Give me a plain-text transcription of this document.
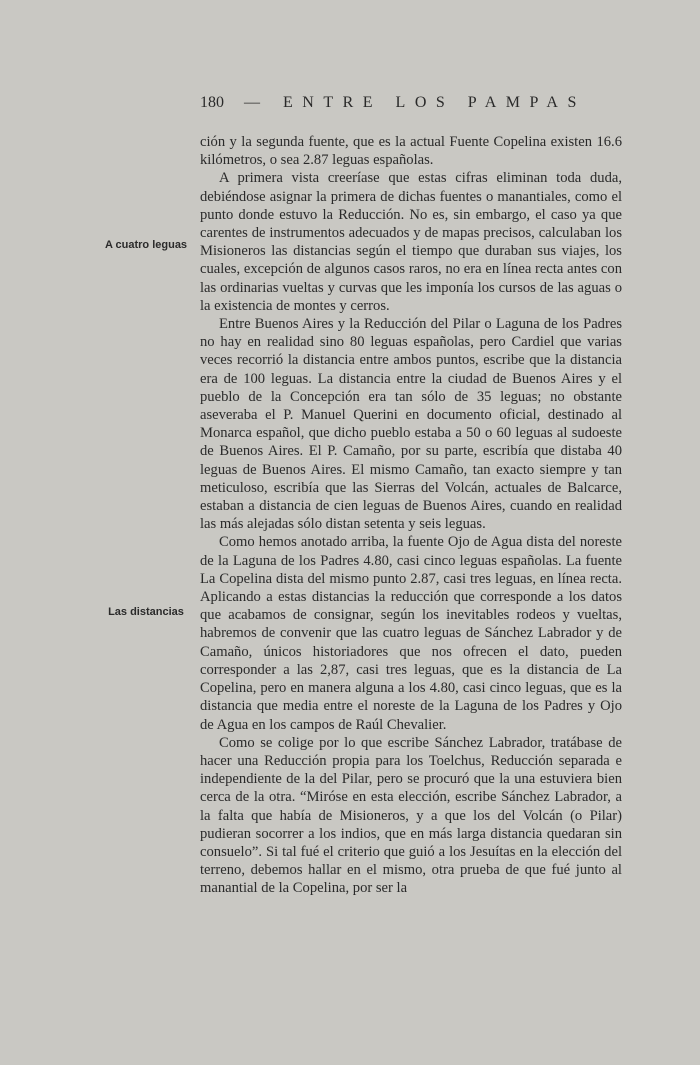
180 — ENTRE LOS PAMPAS
A cuatro leguas
Las distancias

ción y la segunda fuente, que es la actual Fuente Copelina existen 16.6 kilómetros, o sea 2.87 leguas españolas.

A primera vista creeríase que estas cifras eliminan toda duda, debiéndose asignar la primera de dichas fuentes o manantiales, como el punto donde estuvo la Reducción. No es, sin embargo, el caso ya que carentes de instrumentos adecuados y de mapas precisos, calculaban los Misioneros las distancias según el tiempo que duraban sus viajes, los cuales, excepción de algunos casos raros, no era en línea recta antes con las ordinarias vueltas y curvas que les imponía los cursos de las aguas o la existencia de montes y cerros.

Entre Buenos Aires y la Reducción del Pilar o Laguna de los Padres no hay en realidad sino 80 leguas españolas, pero Cardiel que varias veces recorrió la distancia entre ambos puntos, escribe que la distancia era de 100 leguas. La distancia entre la ciudad de Buenos Aires y el pueblo de la Concepción era tan sólo de 35 leguas; no obstante aseveraba el P. Manuel Querini en documento oficial, destinado al Monarca español, que dicho pueblo estaba a 50 o 60 leguas al sudoeste de Buenos Aires. El P. Camaño, por su parte, escribía que distaba 40 leguas de Buenos Aires. El mismo Camaño, tan exacto siempre y tan meticuloso, escribía que las Sierras del Volcán, actuales de Balcarce, estaban a distancia de cien leguas de Buenos Aires, cuando en realidad las más alejadas sólo distan setenta y seis leguas.

Como hemos anotado arriba, la fuente Ojo de Agua dista del noreste de la Laguna de los Padres 4.80, casi cinco leguas españolas. La fuente La Copelina dista del mismo punto 2.87, casi tres leguas, en línea recta. Aplicando a estas distancias la reducción que corresponde a los datos que acabamos de consignar, según los inevitables rodeos y vueltas, habremos de convenir que las cuatro leguas de Sánchez Labrador y de Camaño, únicos historiadores que nos ofrecen el dato, pueden corresponder a las 2,87, casi tres leguas, que es la distancia de La Copelina, pero en manera alguna a los 4.80, casi cinco leguas, que es la distancia que media entre el noreste de la Laguna de los Padres y Ojo de Agua en los campos de Raúl Chevalier.

Como se colige por lo que escribe Sánchez Labrador, tratábase de hacer una Reducción propia para los Toelchus, Reducción separada e independiente de la del Pilar, pero se procuró que la una estuviera bien cerca de la otra. “Miróse en esta elección, escribe Sánchez Labrador, a la falta que había de Misioneros, y a que los del Volcán (o Pilar) pudieran socorrer a los indios, que en más larga distancia quedaran sin consuelo”. Si tal fué el criterio que guió a los Jesuítas en la elección del terreno, debemos hallar en el mismo, otra prueba de que fué junto al manantial de la Copelina, por ser la
